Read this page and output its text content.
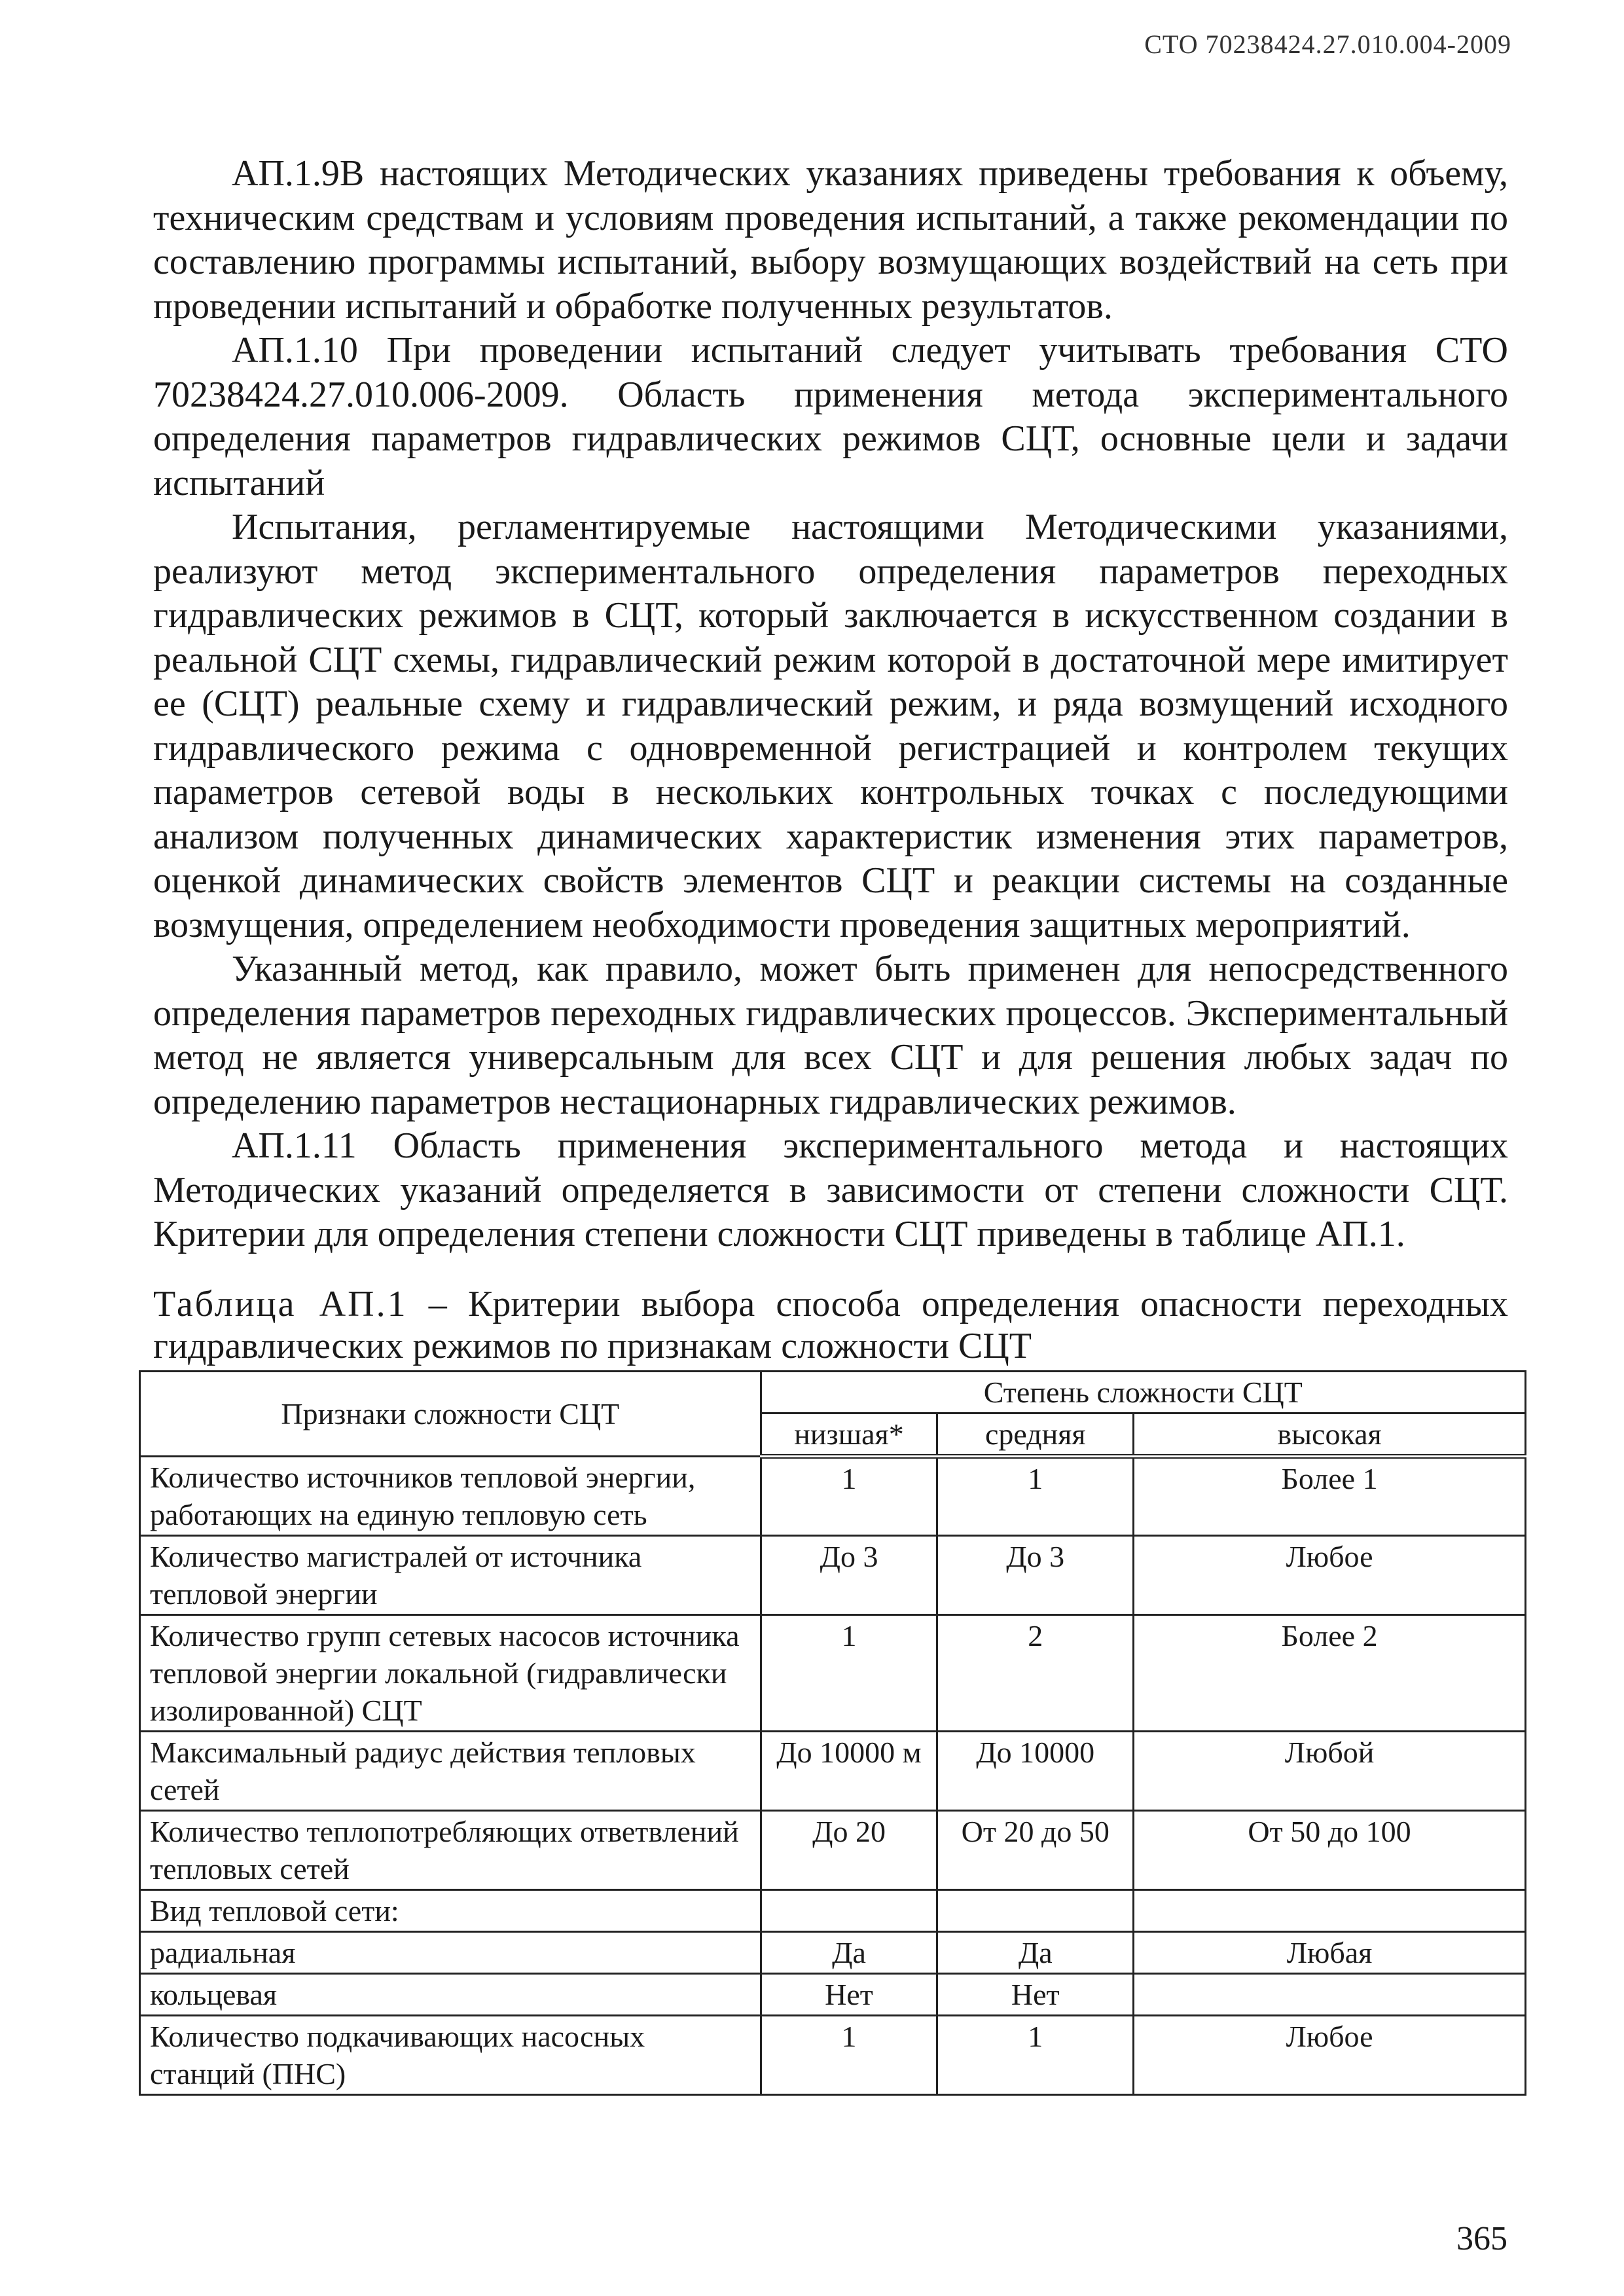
СТО 70238424.27.010.004-2009

АП.1.9В настоящих Методических указаниях приведены требования к объему, техническим средствам и условиям проведения испытаний, а также рекомендации по составлению программы испытаний, выбору возмущающих воздействий на сеть при проведении испытаний и обработке полученных результатов.

АП.1.10 При проведении испытаний следует учитывать требования СТО 70238424.27.010.006-2009. Область применения метода экспериментального определения параметров гидравлических режимов СЦТ, основные цели и задачи испытаний

Испытания, регламентируемые настоящими Методическими указаниями, реализуют метод экспериментального определения параметров переходных гидравлических режимов в СЦТ, который заключается в искусственном создании в реальной СЦТ схемы, гидравлический режим которой в достаточной мере имитирует ее (СЦТ) реальные схему и гидравлический режим, и ряда возмущений исходного гидравлического режима с одновременной регистрацией и контролем текущих параметров сетевой воды в нескольких контрольных точках с последующими анализом полученных динамических характеристик изменения этих параметров, оценкой динамических свойств элементов СЦТ и реакции системы на созданные возмущения, определением необходимости проведения защитных мероприятий.

Указанный метод, как правило, может быть применен для непосредственного определения параметров переходных гидравлических процессов. Экспериментальный метод не является универсальным для всех СЦТ и для решения любых задач по определению параметров нестационарных гидравлических режимов.

АП.1.11 Область применения экспериментального метода и настоящих Методических указаний определяется в зависимости от степени сложности СЦТ. Критерии для определения степени сложности СЦТ приведены в таблице АП.1.

Таблица АП.1 – Критерии выбора способа определения опасности переходных гидравлических режимов по признакам сложности СЦТ
Признаки сложности СЦТ	Степень сложности СЦТ		
	низшая*	средняя	высокая
Количество источников тепловой энергии, работающих на единую тепловую сеть	1	1	Более 1
Количество магистралей от источника тепловой энергии	До 3	До 3	Любое
Количество групп сетевых насосов источника тепловой энергии локальной (гидравлически изолированной) СЦТ	1	2	Более 2
Максимальный радиус действия тепловых сетей	До 10000 м	До 10000	Любой
Количество теплопотребляющих ответвлений тепловых сетей	До 20	От 20 до 50	От 50 до 100
Вид тепловой сети:			
радиальная	Да	Да	Любая
кольцевая	Нет	Нет	
Количество подкачивающих насосных станций (ПНС)	1	1	Любое
365
